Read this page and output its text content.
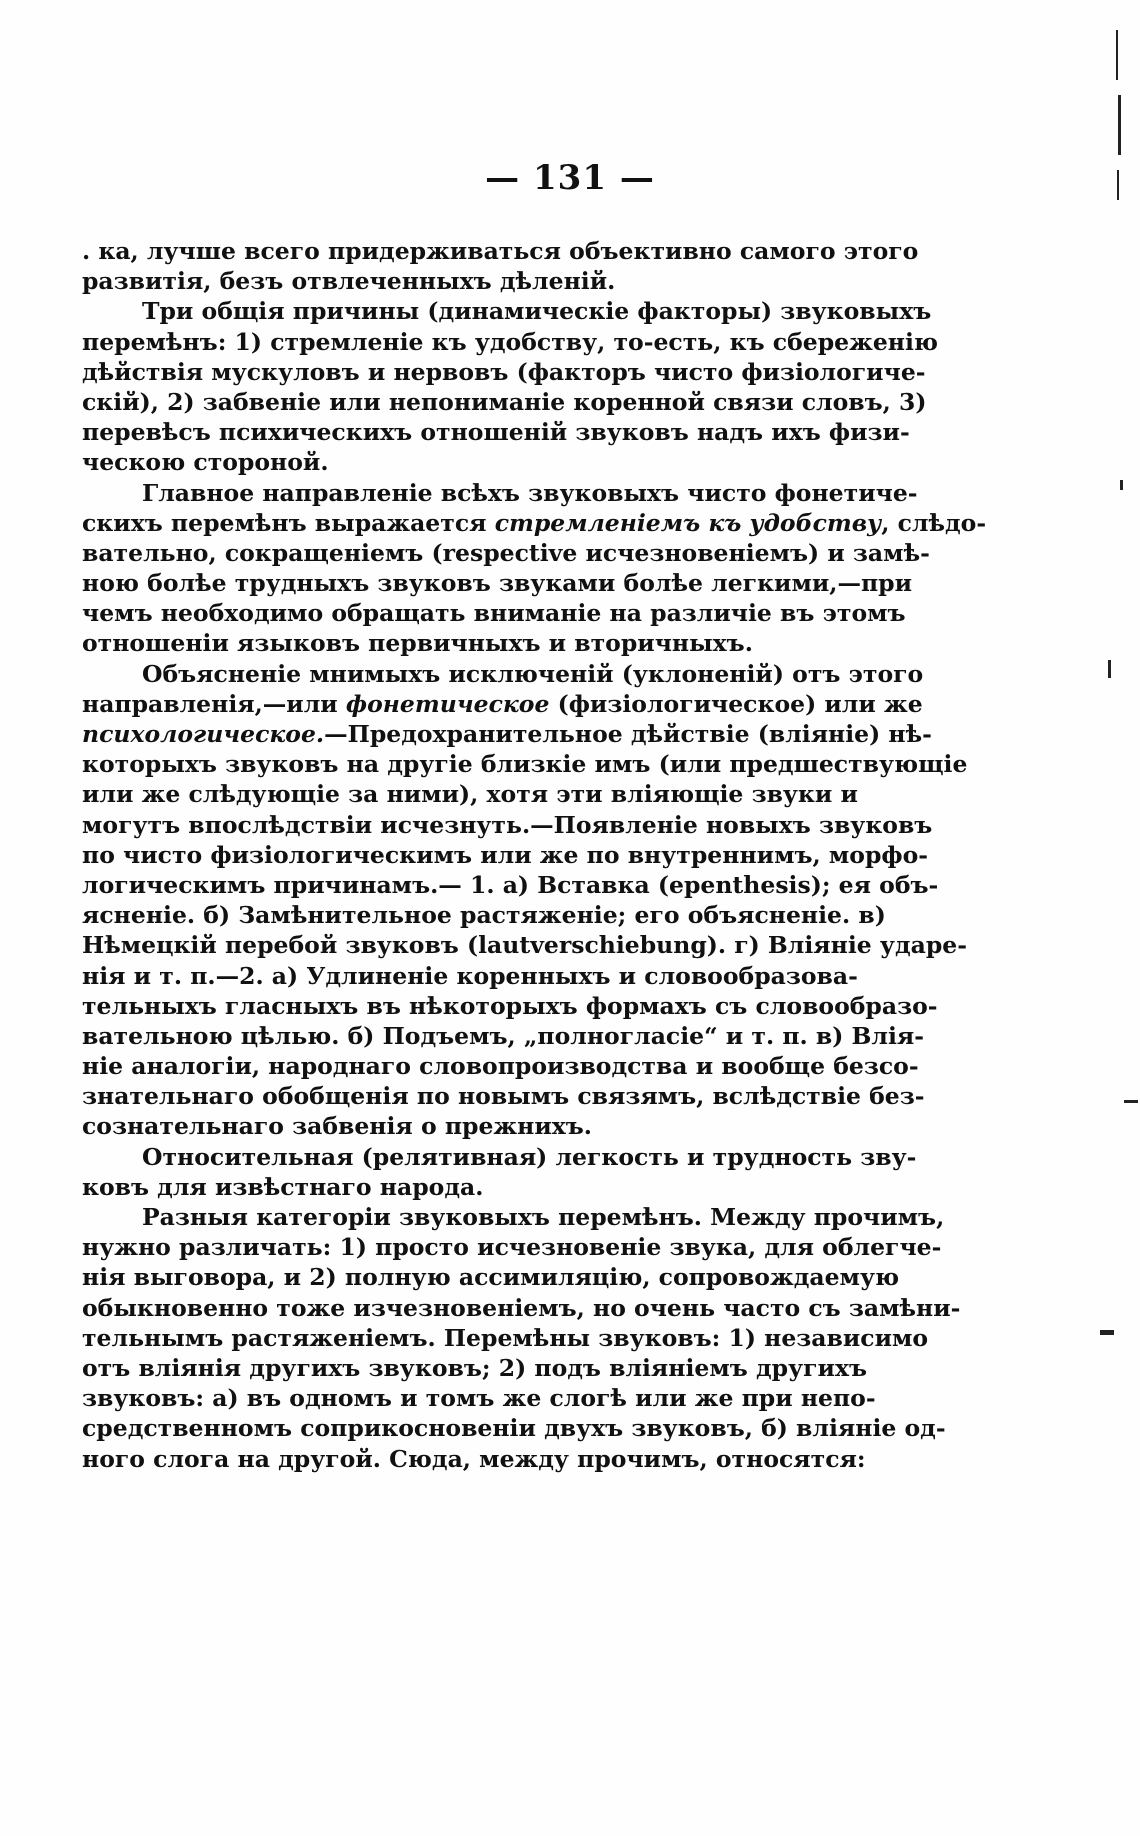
— 131 —
. ка, лучше всего придерживаться объективно самого этого
развитія, безъ отвлеченныхъ дѣленій.
Три общія причины (динамическіе факторы) звуковыхъ
перемѣнъ: 1) стремленіе къ удобству, то-есть, къ сбереженію
дѣйствія мускуловъ и нервовъ (факторъ чисто физіологиче-
скій), 2) забвеніе или непониманіе коренной связи словъ, 3)
перевѣсъ психическихъ отношеній звуковъ надъ ихъ физи-
ческою стороной.
Главное направленіе всѣхъ звуковыхъ чисто фонетиче-
скихъ перемѣнъ выражается стремленіемъ къ удобству, слѣдо-
вательно, сокращеніемъ (respective исчезновеніемъ) и замѣ-
ною болѣе трудныхъ звуковъ звуками болѣе легкими,—при
чемъ необходимо обращать вниманіе на различіе въ этомъ
отношеніи языковъ первичныхъ и вторичныхъ.
Объясненіе мнимыхъ исключеній (уклоненій) отъ этого
направленія,—или фонетическое (физіологическое) или же
психологическое.—Предохранительное дѣйствіе (вліяніе) нѣ-
которыхъ звуковъ на другіе близкіе имъ (или предшествующіе
или же слѣдующіе за ними), хотя эти вліяющіе звуки и
могутъ впослѣдствіи исчезнуть.—Появленіе новыхъ звуковъ
по чисто физіологическимъ или же по внутреннимъ, морфо-
логическимъ причинамъ.— 1. a) Вставка (epenthesis); ея объ-
ясненіе. б) Замѣнительное растяженіе; его объясненіе. в)
Нѣмецкій перебой звуковъ (lautverschiebung). г) Вліяніе ударе-
нія и т. п.—2. а) Удлиненіе коренныхъ и словообразова-
тельныхъ гласныхъ въ нѣкоторыхъ формахъ съ словообразо-
вательною цѣлью. б) Подъемъ, „полногласіе“ и т. п. в) Влія-
ніе аналогіи, народнаго словопроизводства и вообще безсо-
знательнаго обобщенія по новымъ связямъ, вслѣдствіе без-
сознательнаго забвенія о прежнихъ.
Относительная (релятивная) легкость и трудность зву-
ковъ для извѣстнаго народа.
Разныя категоріи звуковыхъ перемѣнъ. Между прочимъ,
нужно различать: 1) просто исчезновеніе звука, для облегче-
нія выговора, и 2) полную ассимиляцію, сопровождаемую
обыкновенно тоже изчезновеніемъ, но очень часто съ замѣни-
тельнымъ растяженіемъ. Перемѣны звуковъ: 1) независимо
отъ вліянія другихъ звуковъ; 2) подъ вліяніемъ другихъ
звуковъ: a) въ одномъ и томъ же слогѣ или же при непо-
средственномъ соприкосновеніи двухъ звуковъ, б) вліяніе од-
ного слога на другой. Сюда, между прочимъ, относятся:
